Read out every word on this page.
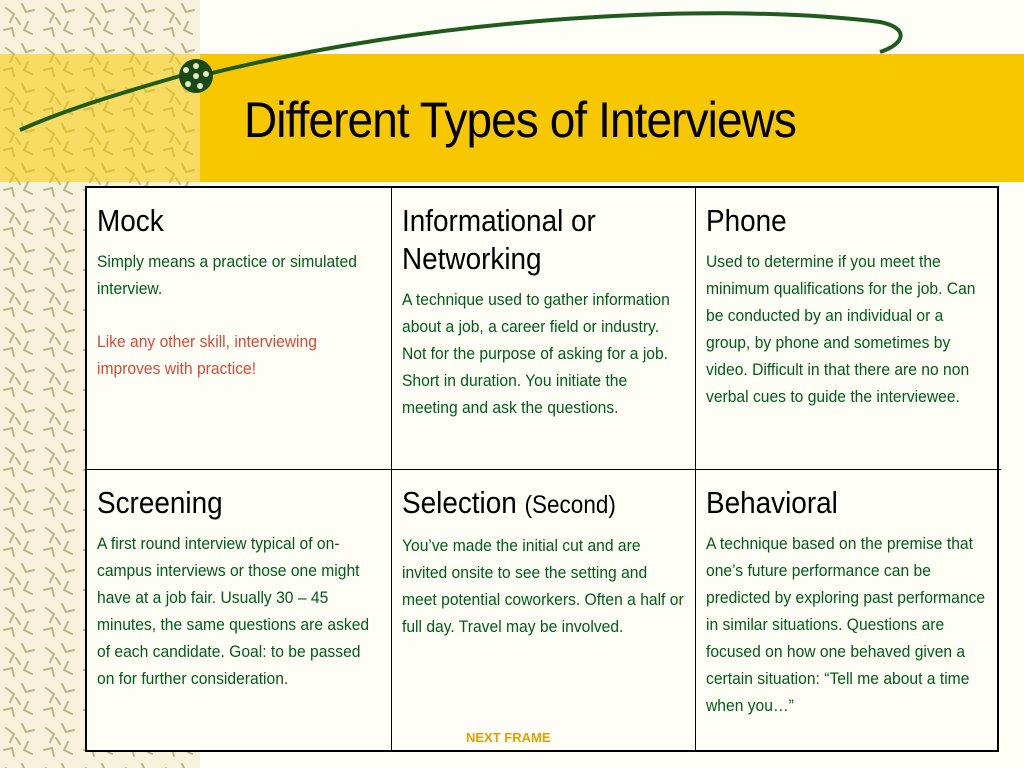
Different Types of Interviews
Mock
Simply means a practice or simulated interview.
Like any other skill, interviewing improves with practice!
Informational or Networking
A technique used to gather information about a job, a career field or industry. Not for the purpose of asking for a job. Short in duration. You initiate the meeting and ask the questions.
Phone
Used to determine if you meet the minimum qualifications for the job. Can be conducted by an individual or a group, by phone and sometimes by video. Difficult in that there are no non verbal cues to guide the interviewee.
Screening
A first round interview typical of on-campus interviews or those one might have at a job fair. Usually 30 – 45 minutes, the same questions are asked of each candidate. Goal: to be passed on for further consideration.
Selection (Second)
You’ve made the initial cut and are invited onsite to see the setting and meet potential coworkers. Often a half or full day. Travel may be involved.
Behavioral
A technique based on the premise that one’s future performance can be predicted by exploring past performance in similar situations. Questions are focused on how one behaved given a certain situation: “Tell me about a time when you…”
NEXT FRAME
